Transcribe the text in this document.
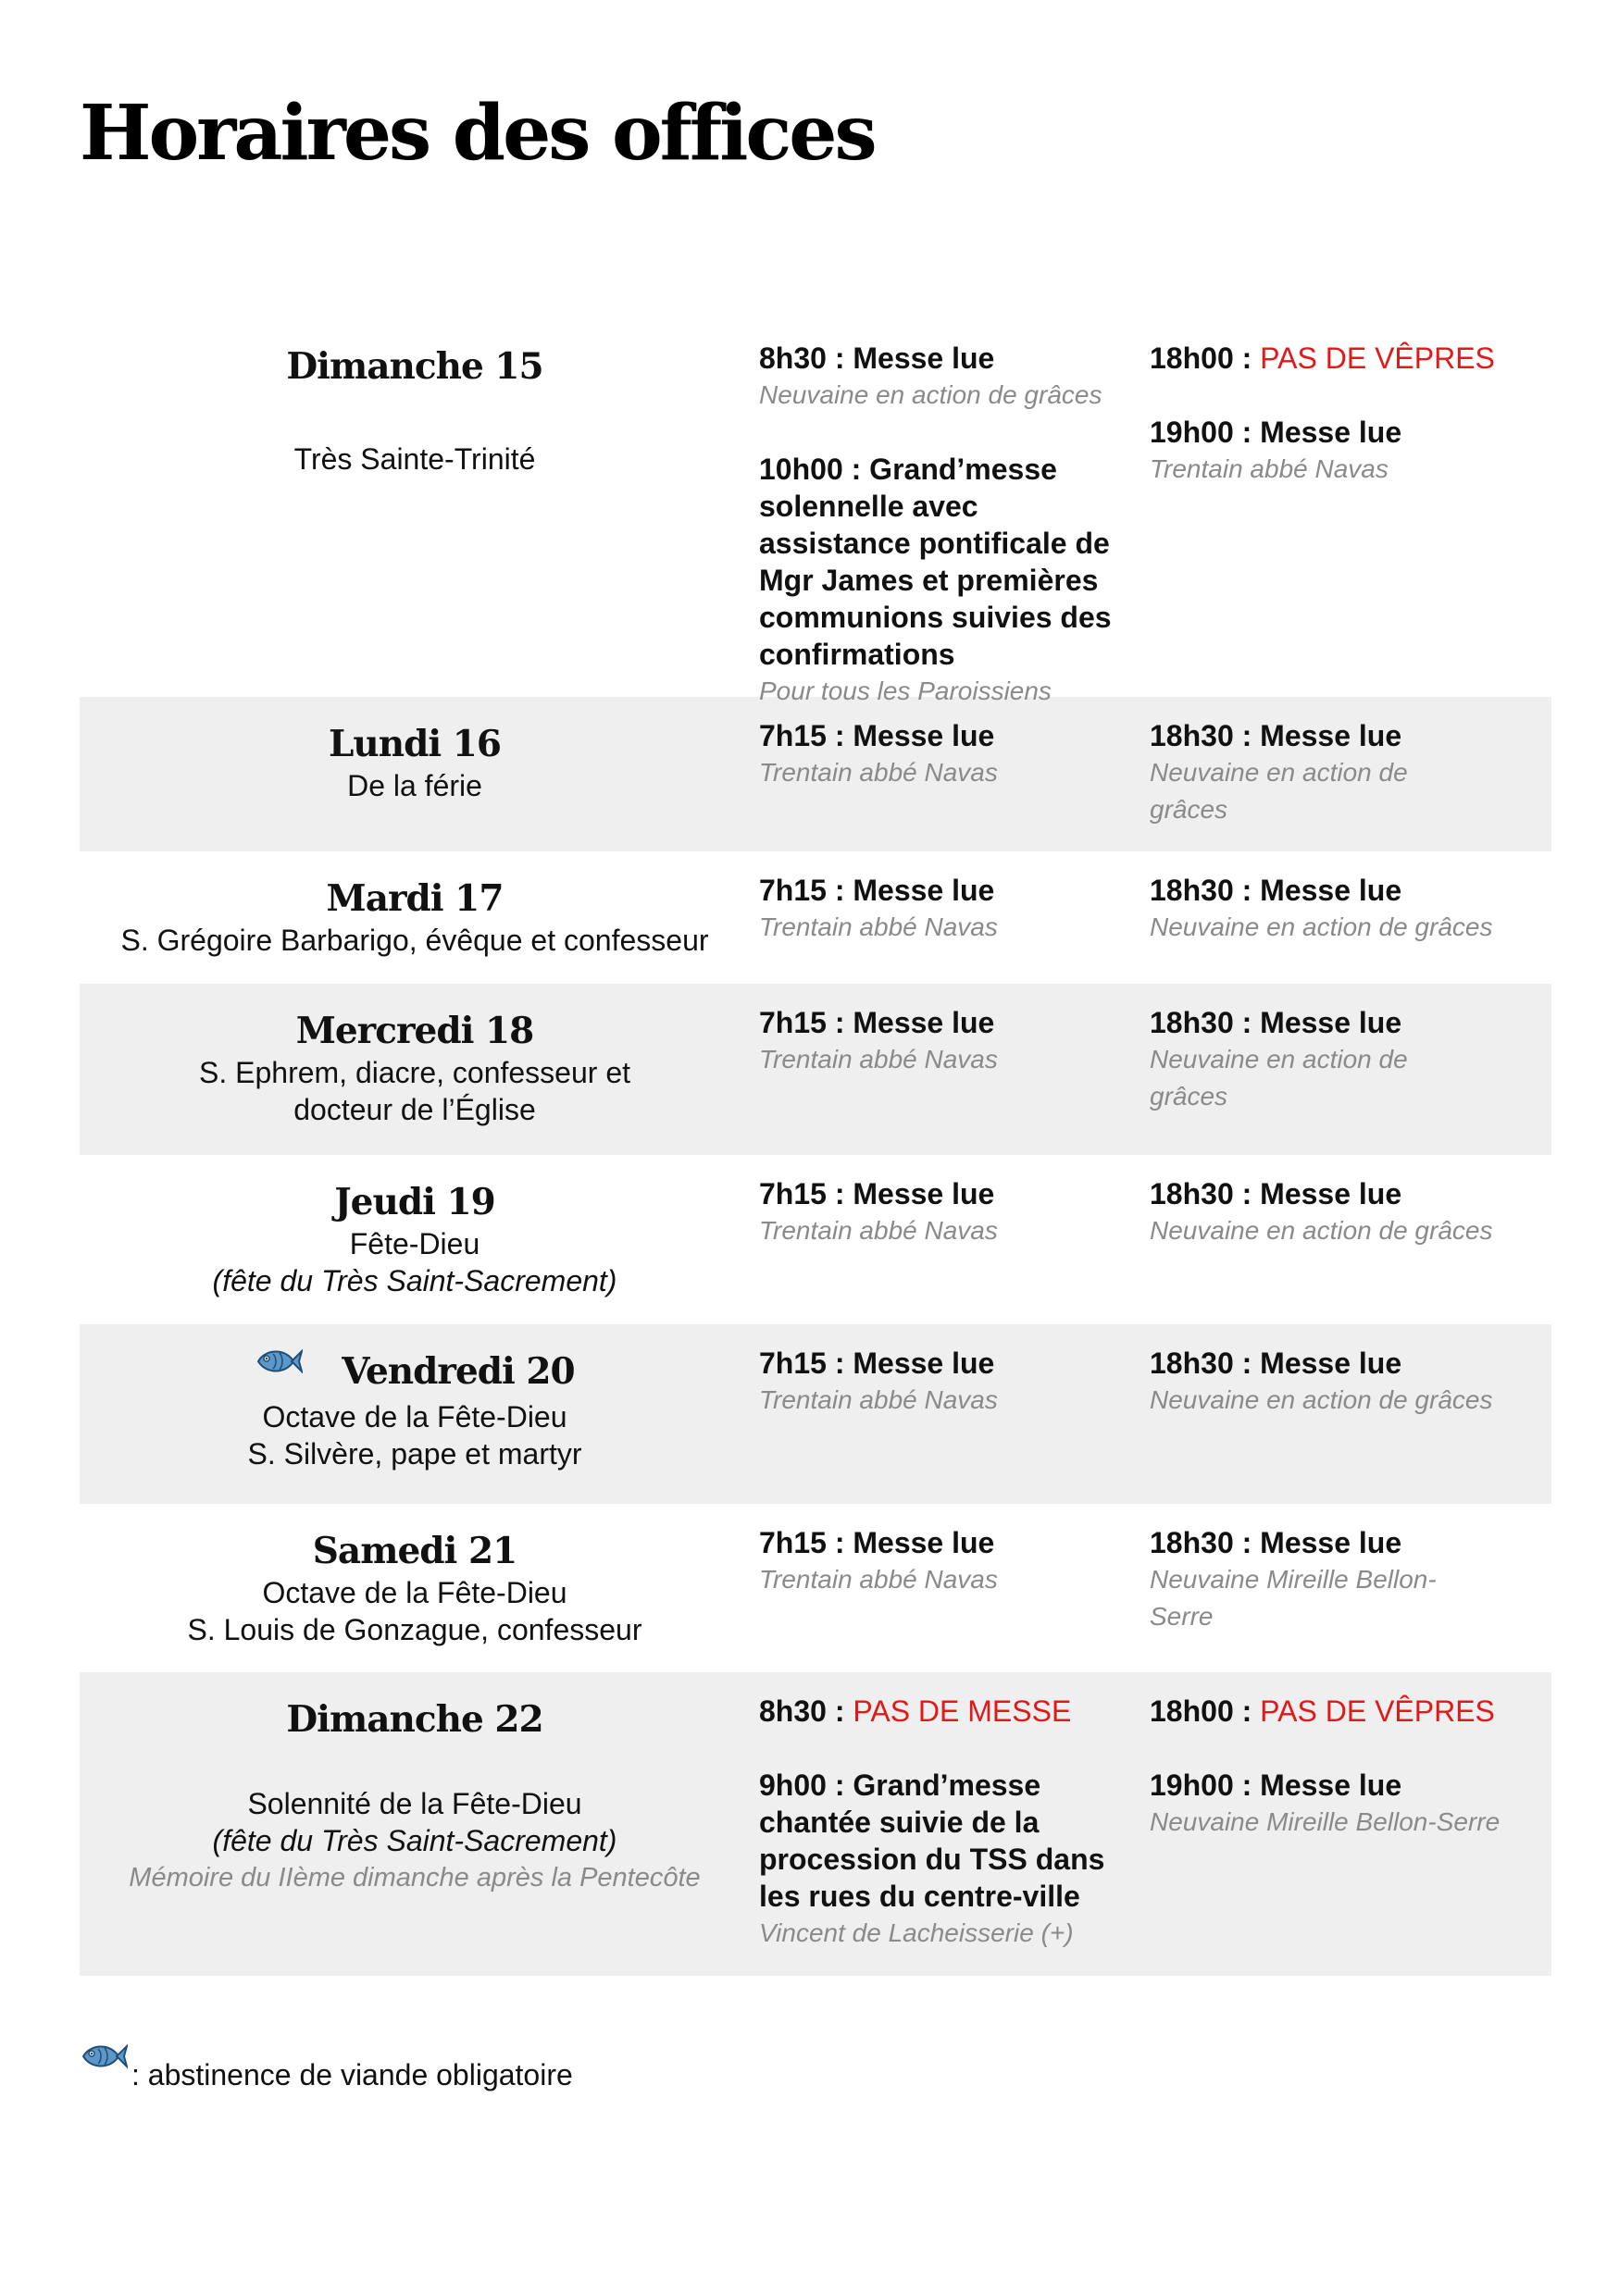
Horaires des offices
Dimanche 15
Très Sainte-Trinité
8h30 : Messe lue
Neuvaine en action de grâces
10h00 : Grand’messe solennelle avec assistance pontificale de Mgr James et premières communions suivies des confirmations
Pour tous les Paroissiens
18h00 : PAS DE VÊPRES
19h00 : Messe lue
Trentain abbé Navas
Lundi 16
De la férie
7h15 : Messe lue
Trentain abbé Navas
18h30 : Messe lue
Neuvaine en action de grâces
Mardi 17
S. Grégoire Barbarigo, évêque et confesseur
7h15 : Messe lue
Trentain abbé Navas
18h30 : Messe lue
Neuvaine en action de grâces
Mercredi 18
S. Ephrem, diacre, confesseur et docteur de l’Église
7h15 : Messe lue
Trentain abbé Navas
18h30 : Messe lue
Neuvaine en action de grâces
Jeudi 19
Fête-Dieu
(fête du Très Saint-Sacrement)
7h15 : Messe lue
Trentain abbé Navas
18h30 : Messe lue
Neuvaine en action de grâces
Vendredi 20
Octave de la Fête-Dieu
S. Silvère, pape et martyr
7h15 : Messe lue
Trentain abbé Navas
18h30 : Messe lue
Neuvaine en action de grâces
Samedi 21
Octave de la Fête-Dieu
S. Louis de Gonzague, confesseur
7h15 : Messe lue
Trentain abbé Navas
18h30 : Messe lue
Neuvaine Mireille Bellon-Serre
Dimanche 22
Solennité de la Fête-Dieu
(fête du Très Saint-Sacrement)
Mémoire du IIème dimanche après la Pentecôte
8h30 : PAS DE MESSE
9h00 : Grand’messe chantée suivie de la procession du TSS dans les rues du centre-ville
Vincent de Lacheisserie (+)
18h00 : PAS DE VÊPRES
19h00 : Messe lue
Neuvaine Mireille Bellon-Serre
: abstinence de viande obligatoire
